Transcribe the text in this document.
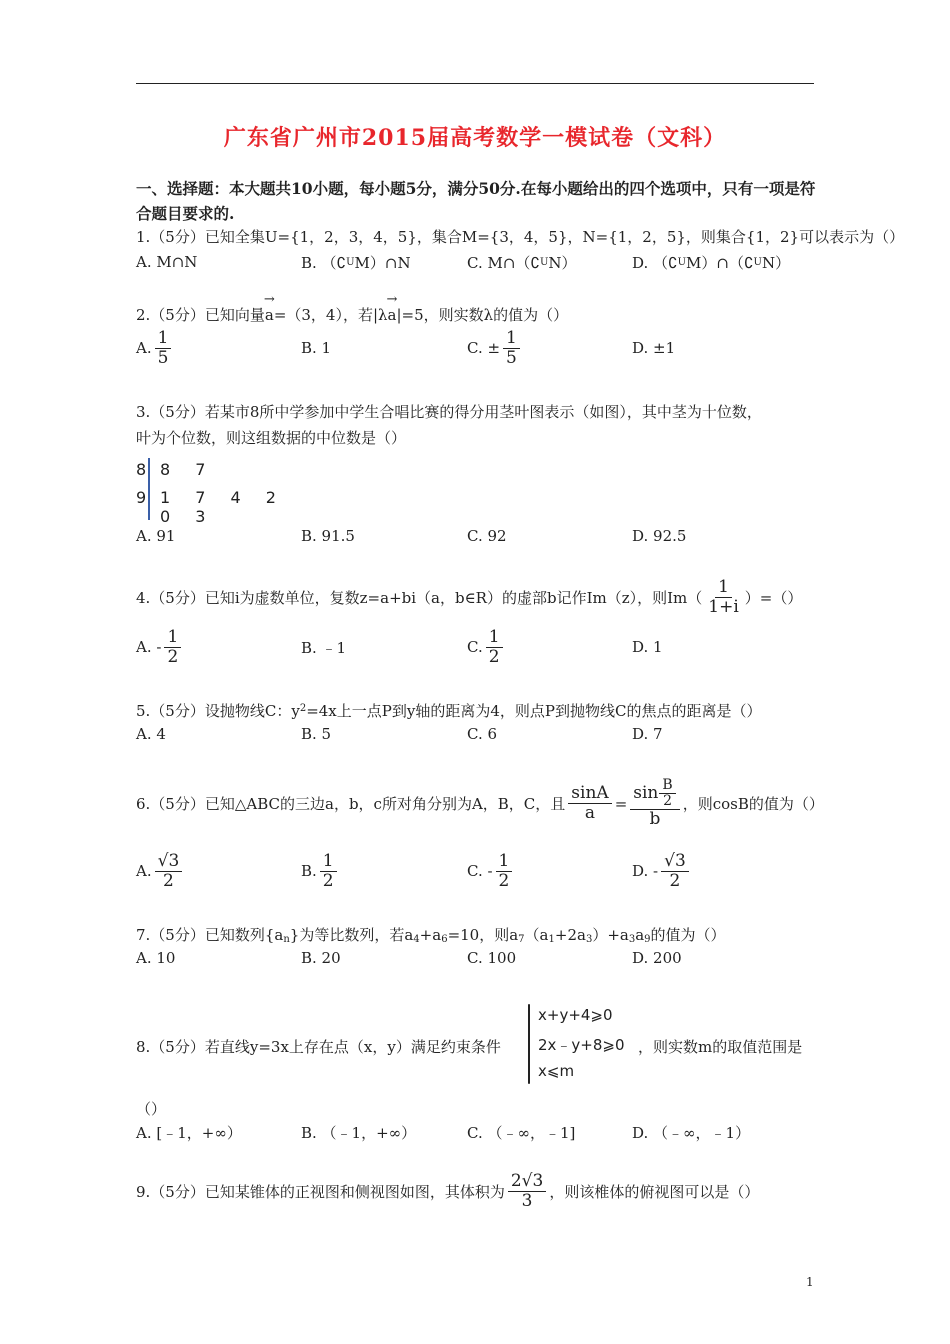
广东省广州市2015届高考数学一模试卷（文科）
一、选择题：本大题共10小题，每小题5分，满分50分.在每小题给出的四个选项中，只有一项是符合题目要求的.
1.（5分）已知全集U={1，2，3，4，5}，集合M={3，4，5}，N={1，2，5}，则集合{1，2}可以表示为（）
A. M∩N	B. （∁ U M）∩N	C. M∩（∁ U N）	D. （∁ U M）∩（∁ U N）
2.（5分）已知向量→ a=（3，4），若|λ→ a|=5，则实数λ的值为（）
A. $\frac{1}{5}$	B. 1	C. ± $\frac{1}{5}$	D. ±1
3.（5分）若某市8所中学参加中学生合唱比赛的得分用茎叶图表示（如图），其中茎为十位数，
叶为个位数，则这组数据的中位数是（）
8 8 7
9 1 7 4 2 0 3
A. 91	B. 91.5	C. 92	D. 92.5
4.（5分）已知i为虚数单位，复数z=a+bi（a，b∈R）的虚部b记作Im（z），则$Im( \frac{1}{1+i}$ ）=（）
A. - $\frac{1}{2}$	B. ﹣1	C. $\frac{1}{2}$	D. 1
5.（5分）设抛物线C：$y^2=4x$上一点P到y轴的距离为4，则点P到抛物线C的焦点的距离是（）
A. 4	B. 5	C. 6	D. 7
6.（5分）已知△ABC的三边a，b，c所对角分别为A，B，C，且 $\frac{\sin A}{a} = \frac{\sin \frac{B}{2}}{b}$ ，则cosB的值为（）
A. $\frac{√3}{2}$	B. $\frac{1}{2}$	C. - $\frac{1}{2}$	D. - $\frac{√3}{2}$
7.（5分）已知数列$\{a_n\}$为等比数列，若$a_4+a_6=10$，则$a_7(a_1+2a_3)+a_3a_9$的值为（）
A. 10	B. 20	C. 100	D. 200
8.（5分）若直线y=3x上存在点（x，y）满足约束条件
x+y+4⩾0
2x﹣y+8⩾0
x⩽m
，则实数m的取值范围是
（）
A. [﹣1，+∞）	B. （﹣1，+∞）	C. （﹣∞，﹣1]	D. （﹣∞，﹣1）
9.（5分）已知某锥体的正视图和侧视图如图，其体积为 $\frac{2√3}{3}$ ，则该椎体的俯视图可以是（）
1
